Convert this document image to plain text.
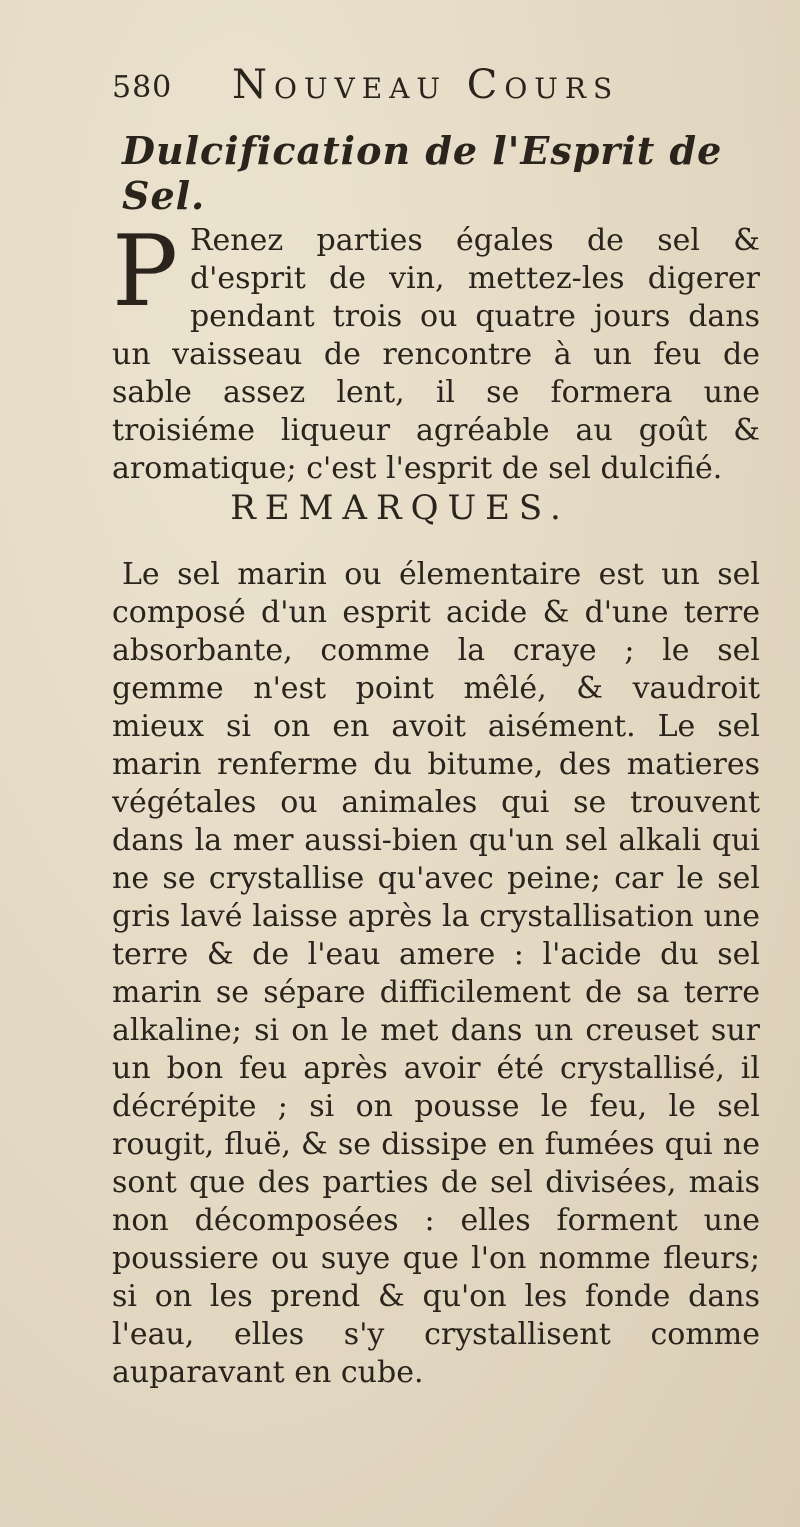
580 Nouveau Cours
Dulcification de l'Esprit de Sel.
P Renez parties égales de sel & d'esprit de vin, mettez-les digerer pendant trois ou quatre jours dans un vaisseau de rencontre à un feu de sable assez lent, il se formera une troisiéme liqueur agréable au goût & aromatique; c'est l'esprit de sel dulcifié.
REMARQUES.
Le sel marin ou élementaire est un sel composé d'un esprit acide & d'une terre absorbante, comme la craye ; le sel gemme n'est point mêlé, & vaudroit mieux si on en avoit aisément. Le sel marin renferme du bitume, des matieres végétales ou animales qui se trouvent dans la mer aussi-bien qu'un sel alkali qui ne se crystallise qu'avec peine; car le sel gris lavé laisse après la crystallisation une terre & de l'eau amere : l'acide du sel marin se sépare difficilement de sa terre alkaline; si on le met dans un creuset sur un bon feu après avoir été crystallisé, il décrépite ; si on pousse le feu, le sel rougit, fluë, & se dissipe en fumées qui ne sont que des parties de sel divisées, mais non décomposées : elles forment une poussiere ou suye que l'on nomme fleurs; si on les prend & qu'on les fonde dans l'eau, elles s'y crystallisent comme auparavant en cube.
